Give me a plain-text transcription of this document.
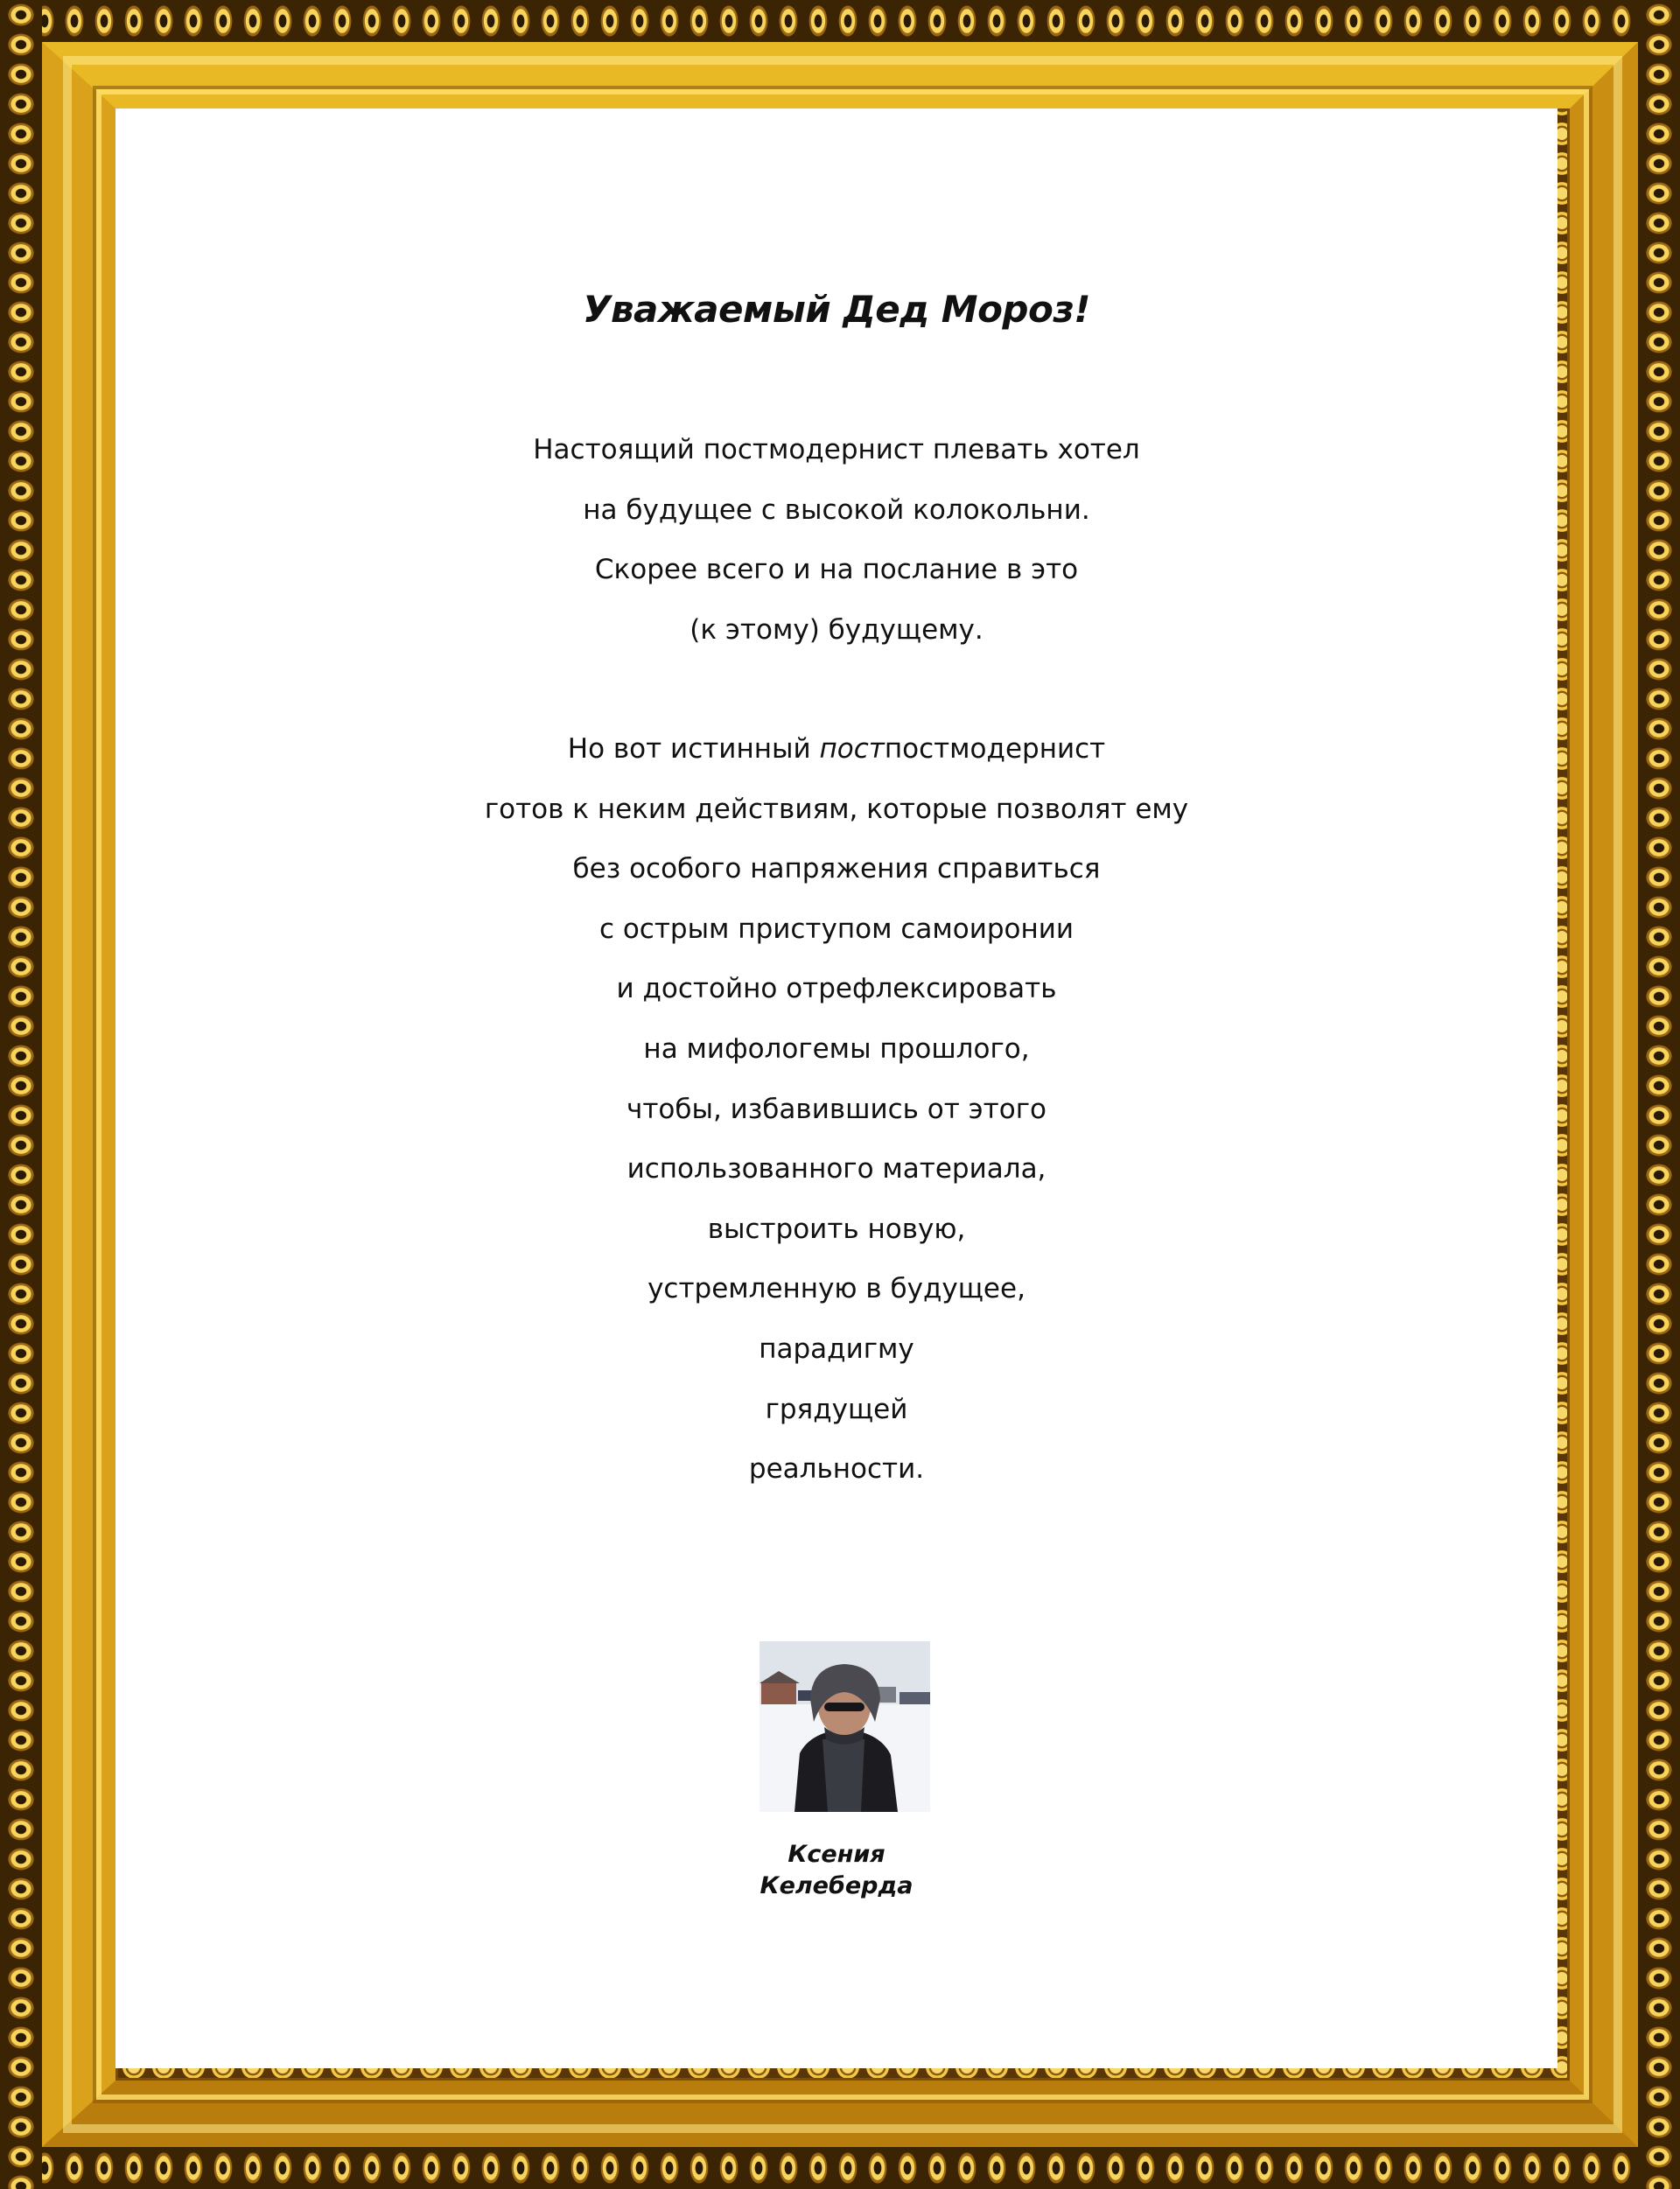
Уважаемый Дед Мороз!
Настоящий постмодернист плевать хотел
на будущее с высокой колокольни.
Скорее всего и на послание в это
(к этому) будущему.
Но вот истинный постпостмодернист
готов к неким действиям, которые позволят ему
без особого напряжения справиться
с острым приступом самоиронии
и достойно отрефлексировать
на мифологемы прошлого,
чтобы, избавившись от этого
использованного материала,
выстроить новую,
устремленную в будущее,
парадигму
грядущей
реальности.
Ксения
Келеберда
